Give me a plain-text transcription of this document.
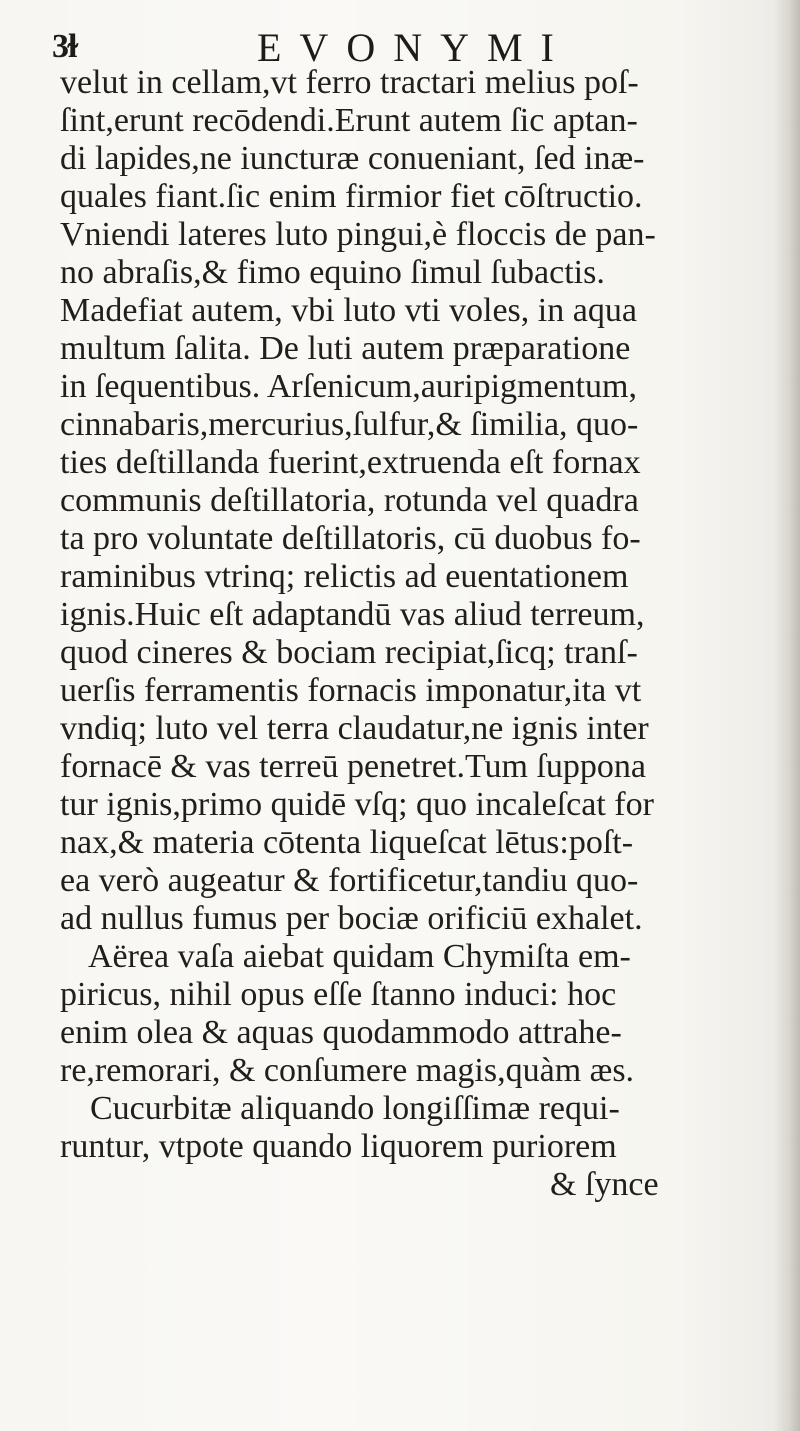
3ɫ	EVONYMI
velut in cellam,vt ferro tractari melius poſ-
ſint,erunt recōdendi.Erunt autem ſic aptan-
di lapides,ne iuncturæ conueniant, ſed inæ-
quales fiant.ſic enim firmior fiet cōſtructio.
Vniendi lateres luto pingui,è floccis de pan-
no abraſis,& fimo equino ſimul ſubactis.
Madefiat autem, vbi luto vti voles, in aqua
multum ſalita. De luti autem præparatione
in ſequentibus. Arſenicum,auripigmentum,
cinnabaris,mercurius,ſulfur,& ſimilia, quo-
ties deſtillanda fuerint,extruenda eſt fornax
communis deſtillatoria, rotunda vel quadra
ta pro voluntate deſtillatoris, cū duobus fo-
raminibus vtrinq; relictis ad euentationem
ignis.Huic eſt adaptandū vas aliud terreum,
quod cineres & bociam recipiat,ſicq; tranſ-
uerſis ferramentis fornacis imponatur,ita vt
vndiq; luto vel terra claudatur,ne ignis inter
fornacē & vas terreū penetret.Tum ſuppona
tur ignis,primo quidē vſq; quo incaleſcat for
nax,& materia cōtenta liqueſcat lētus:poſt-
ea verò augeatur & fortificetur,tandiu quo-
ad nullus fumus per bociæ orificiū exhalet.
Aërea vaſa aiebat quidam Chymiſta em-
piricus, nihil opus eſſe ſtanno induci: hoc
enim olea & aquas quodammodo attrahe-
re,remorari, & conſumere magis,quàm æs.
Cucurbitæ aliquando longiſſimæ requi-
runtur, vtpote quando liquorem puriorem
& ſynce
